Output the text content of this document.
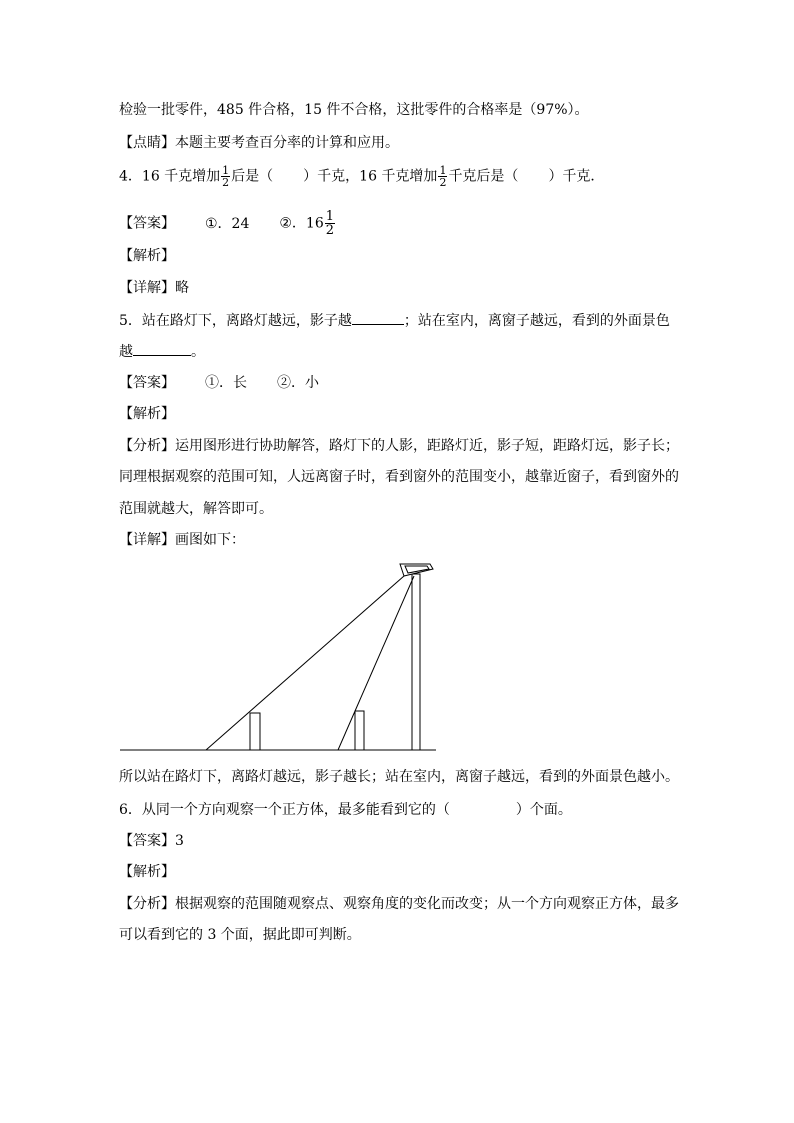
检验一批零件，485 件合格，15 件不合格，这批零件的合格率是（97%）。
【点睛】本题主要考查百分率的计算和应用。
4．16 千克增加 $\frac{1}{2}$ 后是（ ）千克，16 千克增加 $\frac{1}{2}$ 千克后是（ ）千克．
【答案】 ①．24 ②．$16 \frac{1}{2}$
【解析】
【详解】略
5．站在路灯下，离路灯越远，影子越	；站在室内，离窗子越远，看到的外面景色
越	。
【答案】 ①．长 ②．小
【解析】
【分析】运用图形进行协助解答，路灯下的人影，距路灯近，影子短，距路灯远，影子长；
同理根据观察的范围可知，人远离窗子时，看到窗外的范围变小，越靠近窗子，看到窗外的
范围就越大，解答即可。
【详解】画图如下：
所以站在路灯下，离路灯越远，影子越长；站在室内，离窗子越远，看到的外面景色越小。
6．从同一个方向观察一个正方体，最多能看到它的（	）个面。
【答案】3
【解析】
【分析】根据观察的范围随观察点、观察角度的变化而改变；从一个方向观察正方体，最多
可以看到它的 3 个面，据此即可判断。
